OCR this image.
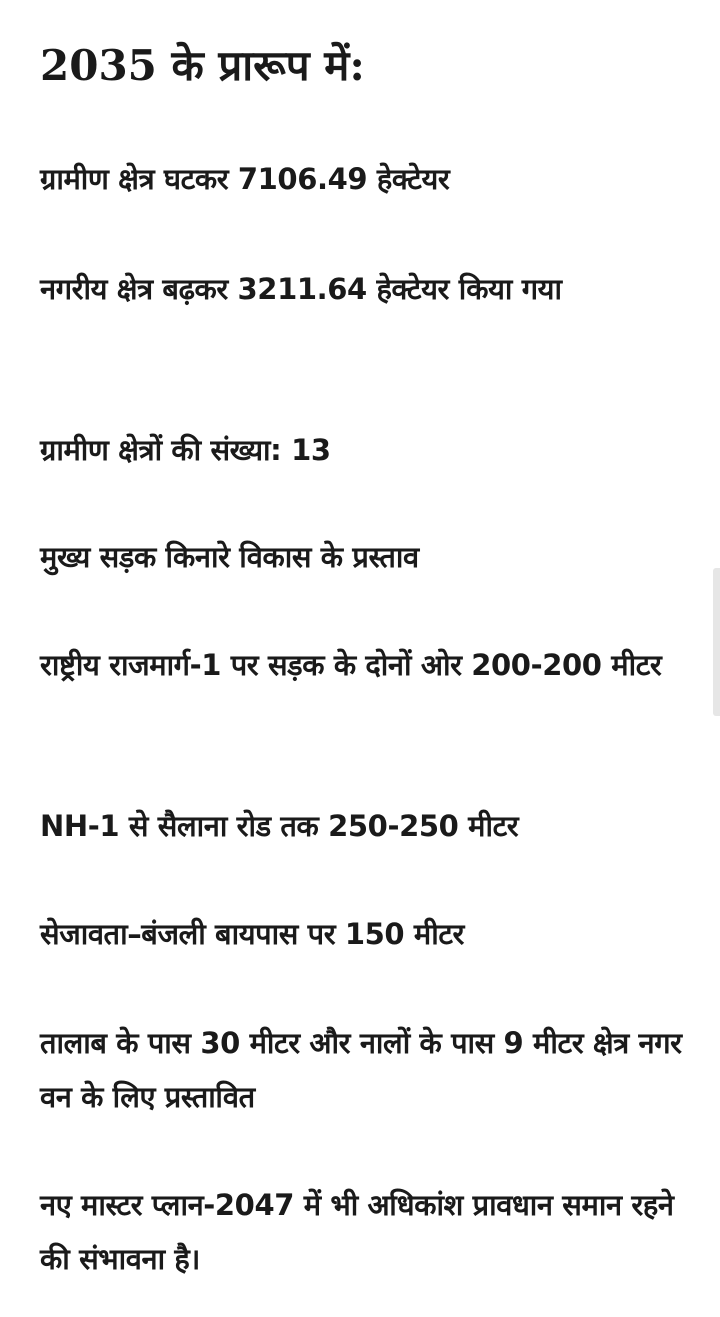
2035 के प्रारूप में:

ग्रामीण क्षेत्र घटकर 7106.49 हेक्टेयर

नगरीय क्षेत्र बढ़कर 3211.64 हेक्टेयर किया गया

ग्रामीण क्षेत्रों की संख्या: 13

मुख्य सड़क किनारे विकास के प्रस्ताव

राष्ट्रीय राजमार्ग-1 पर सड़क के दोनों ओर 200-200 मीटर

NH-1 से सैलाना रोड तक 250-250 मीटर

सेजावता–बंजली बायपास पर 150 मीटर

तालाब के पास 30 मीटर और नालों के पास 9 मीटर क्षेत्र नगर वन के लिए प्रस्तावित

नए मास्टर प्लान-2047 में भी अधिकांश प्रावधान समान रहने की संभावना है।
